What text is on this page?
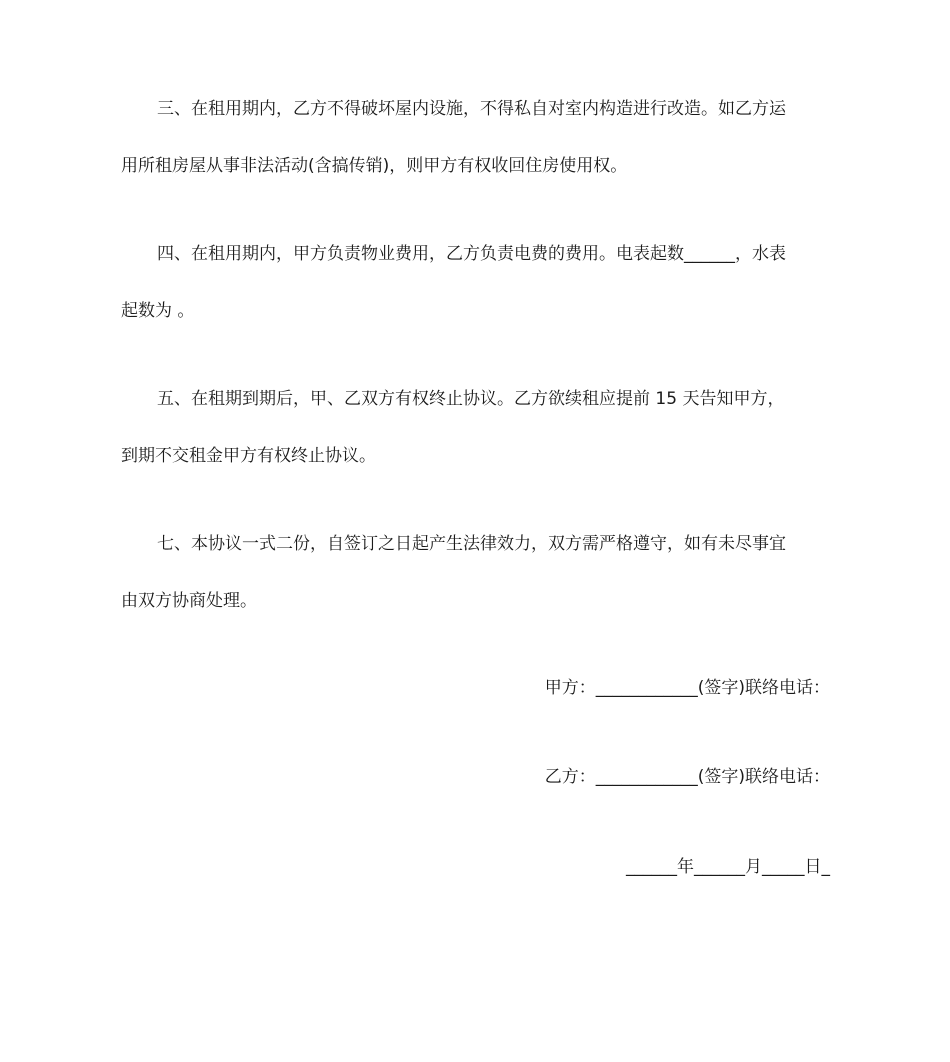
三、在租用期内，乙方不得破坏屋内设施，不得私自对室内构造进行改造。如乙方运
用所租房屋从事非法活动(含搞传销)，则甲方有权收回住房使用权。

四、在租用期内，甲方负责物业费用，乙方负责电费的费用。电表起数______，水表
起数为 。

五、在租期到期后，甲、乙双方有权终止协议。乙方欲续租应提前 15 天告知甲方，
到期不交租金甲方有权终止协议。

七、本协议一式二份，自签订之日起产生法律效力，双方需严格遵守，如有未尽事宜
由双方协商处理。

甲方：____________(签字)联络电话：
乙方：____________(签字)联络电话：
______年______月_____日_
